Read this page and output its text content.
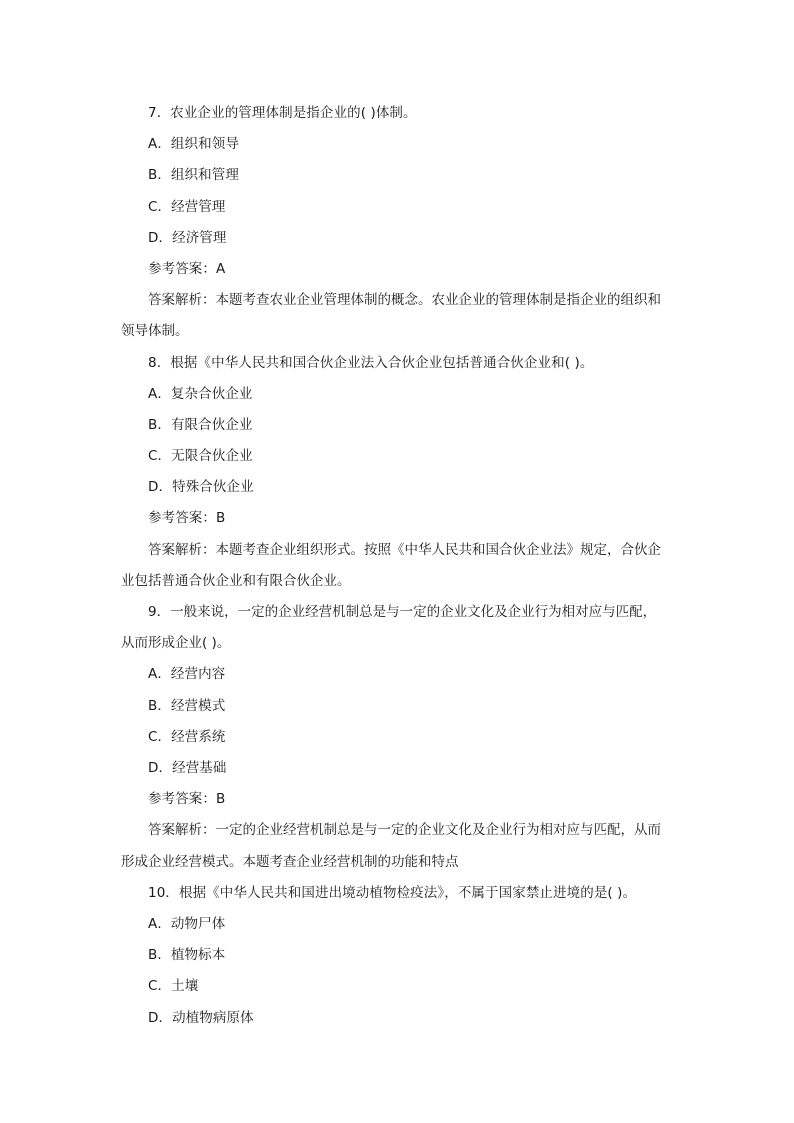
7．农业企业的管理体制是指企业的( )体制。
A．组织和领导
B．组织和管理
C．经营管理
D．经济管理
参考答案：A
答案解析：本题考查农业企业管理体制的概念。农业企业的管理体制是指企业的组织和领导体制。
8．根据《中华人民共和国合伙企业法入合伙企业包括普通合伙企业和( )。
A．复杂合伙企业
B．有限合伙企业
C．无限合伙企业
D．特殊合伙企业
参考答案：B
答案解析：本题考查企业组织形式。按照《中华人民共和国合伙企业法》规定，合伙企业包括普通合伙企业和有限合伙企业。
9．一般来说，一定的企业经营机制总是与一定的企业文化及企业行为相对应与匹配，从而形成企业( )。
A．经营内容
B．经营模式
C．经营系统
D．经营基础
参考答案：B
答案解析：一定的企业经营机制总是与一定的企业文化及企业行为相对应与匹配，从而形成企业经营模式。本题考查企业经营机制的功能和特点
10．根据《中华人民共和国进出境动植物检疫法》，不属于国家禁止进境的是( )。
A．动物尸体
B．植物标本
C．土壤
D．动植物病原体
